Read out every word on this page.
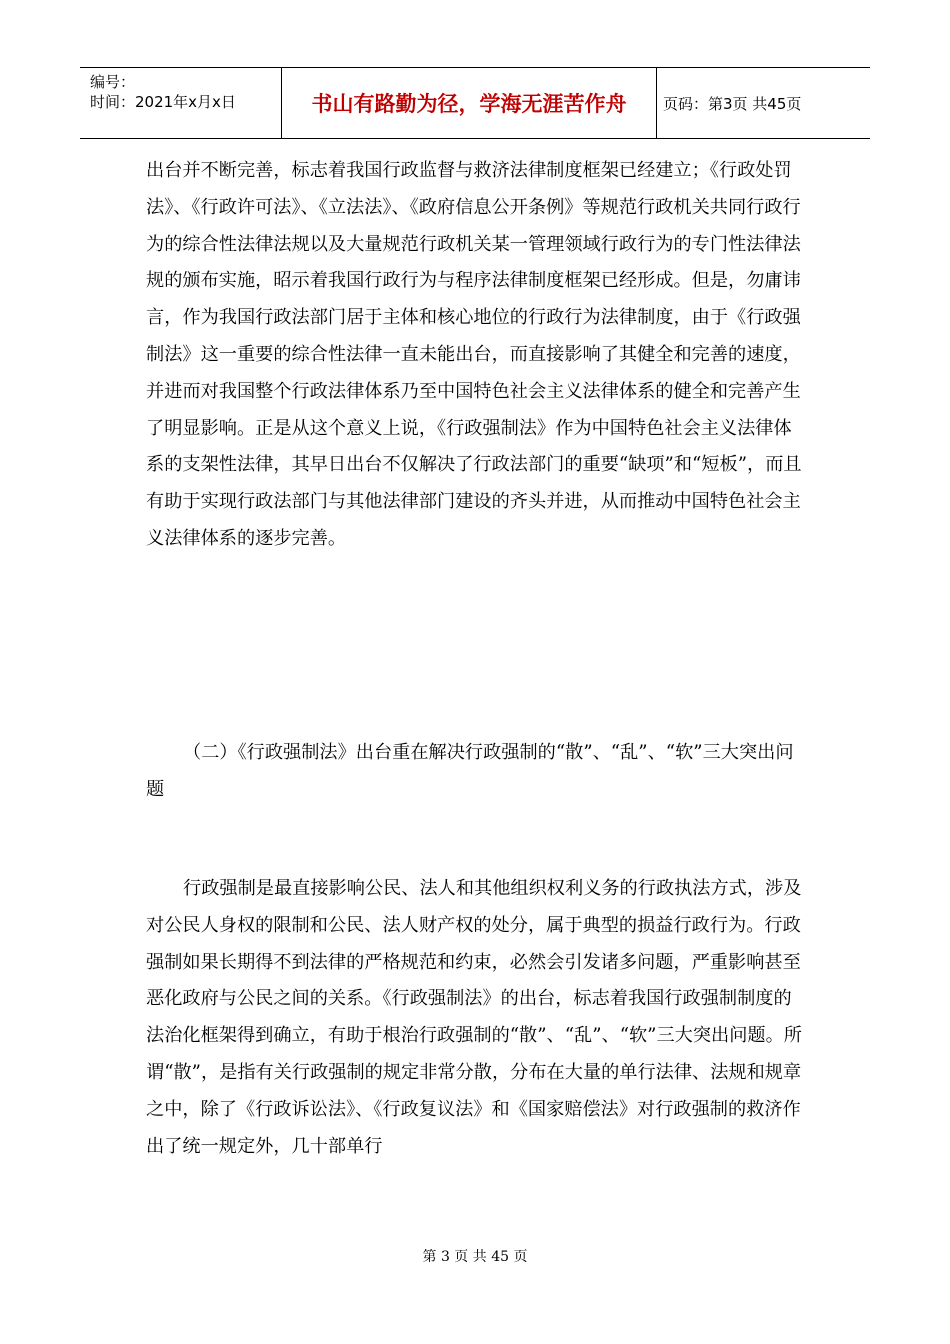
编号：
时间：2021年x月x日	书山有路勤为径，学海无涯苦作舟 页码：第3页 共45页

出台并不断完善，标志着我国行政监督与救济法律制度框架已经建立；《行政处罚法》、《行政许可法》、《立法法》、《政府信息公开条例》等规范行政机关共同行政行为的综合性法律法规以及大量规范行政机关某一管理领域行政行为的专门性法律法规的颁布实施，昭示着我国行政行为与程序法律制度框架已经形成。但是，勿庸讳言，作为我国行政法部门居于主体和核心地位的行政行为法律制度，由于《行政强制法》这一重要的综合性法律一直未能出台，而直接影响了其健全和完善的速度，并进而对我国整个行政法律体系乃至中国特色社会主义法律体系的健全和完善产生了明显影响。正是从这个意义上说，《行政强制法》作为中国特色社会主义法律体系的支架性法律，其早日出台不仅解决了行政法部门的重要“缺项”和“短板”，而且有助于实现行政法部门与其他法律部门建设的齐头并进，从而推动中国特色社会主义法律体系的逐步完善。

（二）《行政强制法》出台重在解决行政强制的“散”、“乱”、“软”三大突出问题

行政强制是最直接影响公民、法人和其他组织权利义务的行政执法方式，涉及对公民人身权的限制和公民、法人财产权的处分，属于典型的损益行政行为。行政强制如果长期得不到法律的严格规范和约束，必然会引发诸多问题，严重影响甚至恶化政府与公民之间的关系。《行政强制法》的出台，标志着我国行政强制制度的法治化框架得到确立，有助于根治行政强制的“散”、“乱”、“软”三大突出问题。所谓“散”，是指有关行政强制的规定非常分散，分布在大量的单行法律、法规和规章之中，除了《行政诉讼法》、《行政复议法》和《国家赔偿法》对行政强制的救济作出了统一规定外，几十部单行

第 3 页 共 45 页
